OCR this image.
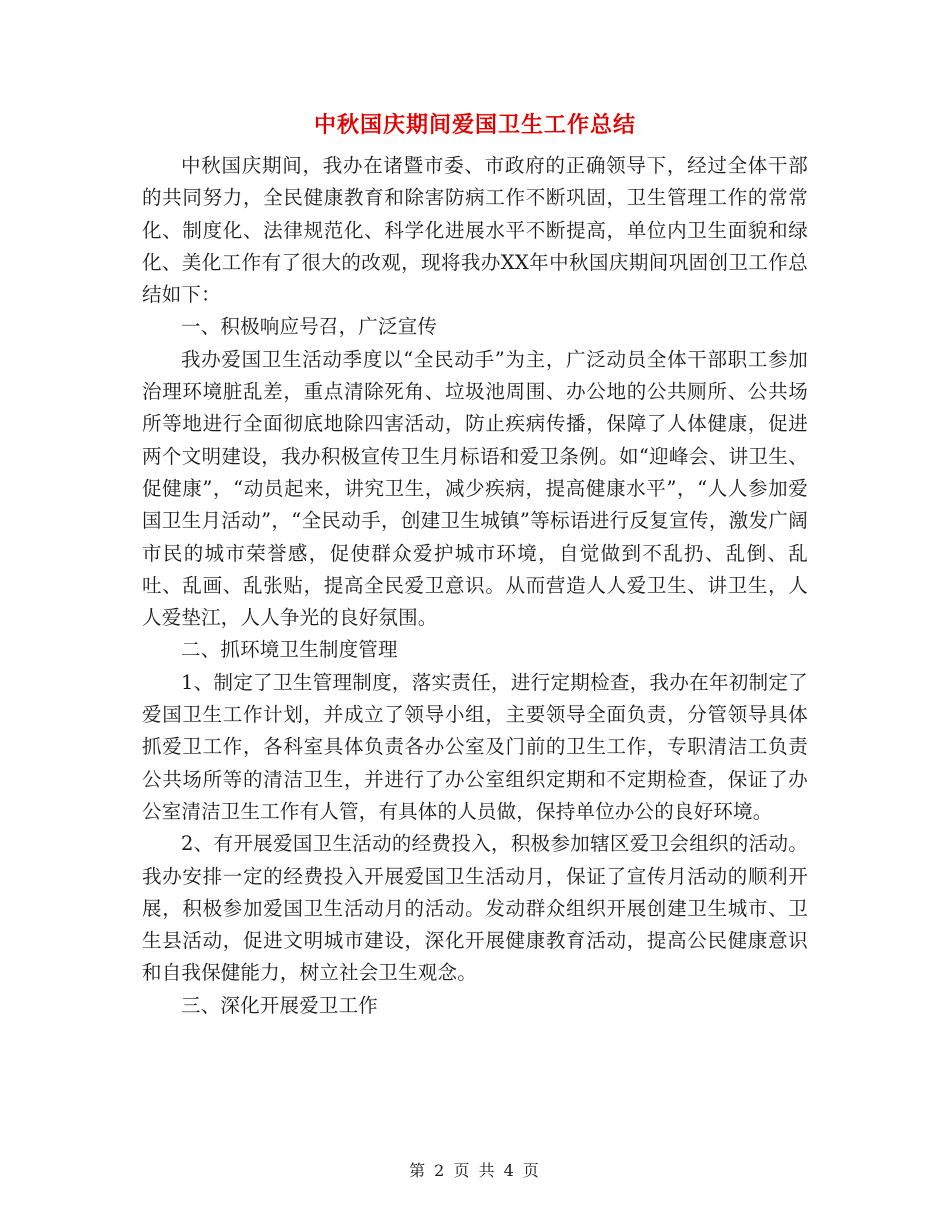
中秋国庆期间爱国卫生工作总结

中秋国庆期间，我办在诸暨市委、市政府的正确领导下，经过全体干部的共同努力，全民健康教育和除害防病工作不断巩固，卫生管理工作的常常化、制度化、法律规范化、科学化进展水平不断提高，单位内卫生面貌和绿化、美化工作有了很大的改观，现将我办XX年中秋国庆期间巩固创卫工作总结如下：

一、积极响应号召，广泛宣传

我办爱国卫生活动季度以“全民动手”为主，广泛动员全体干部职工参加治理环境脏乱差，重点清除死角、垃圾池周围、办公地的公共厕所、公共场所等地进行全面彻底地除四害活动，防止疾病传播，保障了人体健康，促进两个文明建设，我办积极宣传卫生月标语和爱卫条例。如“迎峰会、讲卫生、促健康”，“动员起来，讲究卫生，减少疾病，提高健康水平”，“人人参加爱国卫生月活动”，“全民动手，创建卫生城镇”等标语进行反复宣传，激发广阔市民的城市荣誉感，促使群众爱护城市环境，自觉做到不乱扔、乱倒、乱吐、乱画、乱张贴，提高全民爱卫意识。从而营造人人爱卫生、讲卫生，人人爱垫江，人人争光的良好氛围。

二、抓环境卫生制度管理

1、制定了卫生管理制度，落实责任，进行定期检查，我办在年初制定了爱国卫生工作计划，并成立了领导小组，主要领导全面负责，分管领导具体抓爱卫工作，各科室具体负责各办公室及门前的卫生工作，专职清洁工负责公共场所等的清洁卫生，并进行了办公室组织定期和不定期检查，保证了办公室清洁卫生工作有人管，有具体的人员做，保持单位办公的良好环境。

2、有开展爱国卫生活动的经费投入，积极参加辖区爱卫会组织的活动。我办安排一定的经费投入开展爱国卫生活动月，保证了宣传月活动的顺利开展，积极参加爱国卫生活动月的活动。发动群众组织开展创建卫生城市、卫生县活动，促进文明城市建设，深化开展健康教育活动，提高公民健康意识和自我保健能力，树立社会卫生观念。

三、深化开展爱卫工作

第 2 页 共 4 页
